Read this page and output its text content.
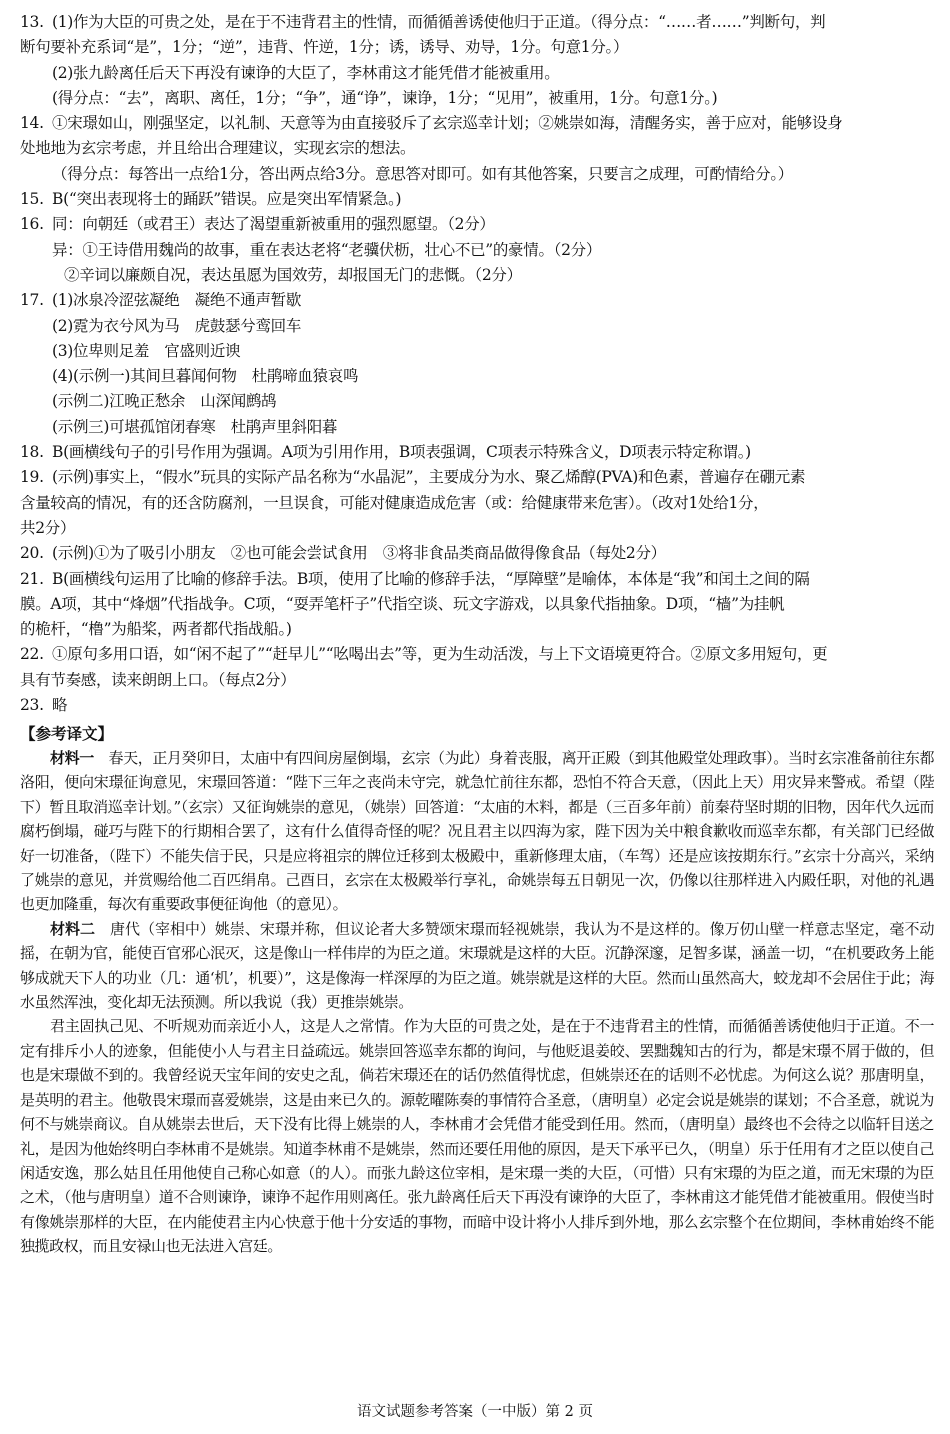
13. (1)作为大臣的可贵之处，是在于不违背君主的性情，而循循善诱使他归于正道。（得分点：“……者……”判断句，判
断句要补充系词“是”，1分；“逆”，违背、忤逆，1分；诱，诱导、劝导，1分。句意1分。）
(2)张九龄离任后天下再没有谏诤的大臣了，李林甫这才能凭借才能被重用。
(得分点：“去”，离职、离任，1分；“争”，通“诤”，谏诤，1分；“见用”，被重用，1分。句意1分。)
14. ①宋璟如山，刚强坚定，以礼制、天意等为由直接驳斥了玄宗巡幸计划；②姚崇如海，清醒务实，善于应对，能够设身
处地地为玄宗考虑，并且给出合理建议，实现玄宗的想法。
（得分点：每答出一点给1分，答出两点给3分。意思答对即可。如有其他答案，只要言之成理，可酌情给分。）
15. B(“突出表现将士的踊跃”错误。应是突出军情紧急。)
16. 同：向朝廷（或君王）表达了渴望重新被重用的强烈愿望。（2分）
异：①王诗借用魏尚的故事，重在表达老将“老骥伏枥，壮心不已”的豪情。（2分）
②辛词以廉颇自况，表达虽愿为国效劳，却报国无门的悲慨。（2分）
17. (1)冰泉冷涩弦凝绝　凝绝不通声暂歇
(2)霓为衣兮风为马　虎鼓瑟兮鸾回车
(3)位卑则足羞　官盛则近谀
(4)(示例一)其间旦暮闻何物　杜鹃啼血猿哀鸣
(示例二)江晚正愁余　山深闻鹧鸪
(示例三)可堪孤馆闭春寒　杜鹃声里斜阳暮
18. B(画横线句子的引号作用为强调。A项为引用作用，B项表强调，C项表示特殊含义，D项表示特定称谓。)
19. (示例)事实上，“假水”玩具的实际产品名称为“水晶泥”，主要成分为水、聚乙烯醇(PVA)和色素，普遍存在硼元素
含量较高的情况，有的还含防腐剂，一旦误食，可能对健康造成危害（或：给健康带来危害）。（改对1处给1分，
共2分）
20. (示例)①为了吸引小朋友　②也可能会尝试食用　③将非食品类商品做得像食品（每处2分）
21. B(画横线句运用了比喻的修辞手法。B项，使用了比喻的修辞手法，“厚障壁”是喻体，本体是“我”和闰土之间的隔
膜。A项，其中“烽烟”代指战争。C项，“耍弄笔杆子”代指空谈、玩文字游戏，以具象代指抽象。D项，“樯”为挂帆
的桅杆，“橹”为船桨，两者都代指战船。)
22. ①原句多用口语，如“闲不起了”“赶早儿”“吆喝出去”等，更为生动活泼，与上下文语境更符合。②原文多用短句，更
具有节奏感，读来朗朗上口。（每点2分）
23. 略
【参考译文】

材料一　 春天，正月癸卯日，太庙中有四间房屋倒塌，玄宗（为此）身着丧服，离开正殿（到其他殿堂处理政事）。当时玄宗准备前往东都洛阳，便向宋璟征询意见，宋璟回答道：“陛下三年之丧尚未守完，就急忙前往东都，恐怕不符合天意，（因此上天）用灾异来警戒。希望（陛下）暂且取消巡幸计划。”（玄宗）又征询姚崇的意见，（姚崇）回答道：“太庙的木料，都是（三百多年前）前秦苻坚时期的旧物，因年代久远而腐朽倒塌，碰巧与陛下的行期相合罢了，这有什么值得奇怪的呢？况且君主以四海为家，陛下因为关中粮食歉收而巡幸东都，有关部门已经做好一切准备，（陛下）不能失信于民，只是应将祖宗的牌位迁移到太极殿中，重新修理太庙，（车驾）还是应该按期东行。”玄宗十分高兴，采纳了姚崇的意见，并赏赐给他二百匹绢帛。己酉日，玄宗在太极殿举行享礼，命姚崇每五日朝见一次，仍像以往那样进入内殿任职，对他的礼遇也更加隆重，每次有重要政事便征询他（的意见）。

材料二　 唐代（宰相中）姚崇、宋璟并称，但议论者大多赞颂宋璟而轻视姚崇，我认为不是这样的。像万仞山壁一样意志坚定，毫不动摇，在朝为官，能使百官邪心泯灭，这是像山一样伟岸的为臣之道。宋璟就是这样的大臣。沉静深邃，足智多谋，涵盖一切，“在机要政务上能够成就天下人的功业（几：通‘机’，机要）”，这是像海一样深厚的为臣之道。姚崇就是这样的大臣。然而山虽然高大，蛟龙却不会居住于此；海水虽然浑浊，变化却无法预测。所以我说（我）更推崇姚崇。

君主固执己见、不听规劝而亲近小人，这是人之常情。作为大臣的可贵之处，是在于不违背君主的性情，而循循善诱使他归于正道。不一定有排斥小人的迹象，但能使小人与君主日益疏远。姚崇回答巡幸东都的询问，与他贬退姜皎、罢黜魏知古的行为，都是宋璟不屑于做的，但也是宋璟做不到的。我曾经说天宝年间的安史之乱，倘若宋璟还在的话仍然值得忧虑，但姚崇还在的话则不必忧虑。为何这么说？那唐明皇，是英明的君主。他敬畏宋璟而喜爱姚崇，这是由来已久的。源乾曜陈奏的事情符合圣意，（唐明皇）必定会说是姚崇的谋划；不合圣意，就说为何不与姚崇商议。自从姚崇去世后，天下没有比得上姚崇的人，李林甫才会凭借才能受到任用。然而，（唐明皇）最终也不会待之以临轩目送之礼，是因为他始终明白李林甫不是姚崇。知道李林甫不是姚崇，然而还要任用他的原因，是天下承平已久，（明皇）乐于任用有才之臣以使自己闲适安逸，那么姑且任用他使自己称心如意（的人）。而张九龄这位宰相，是宋璟一类的大臣，（可惜）只有宋璟的为臣之道，而无宋璟的为臣之术，（他与唐明皇）道不合则谏诤，谏诤不起作用则离任。张九龄离任后天下再没有谏诤的大臣了，李林甫这才能凭借才能被重用。假使当时有像姚崇那样的大臣，在内能使君主内心快意于他十分安适的事物，而暗中设计将小人排斥到外地，那么玄宗整个在位期间，李林甫始终不能独揽政权，而且安禄山也无法进入宫廷。

语文试题参考答案（一中版）第 2 页
